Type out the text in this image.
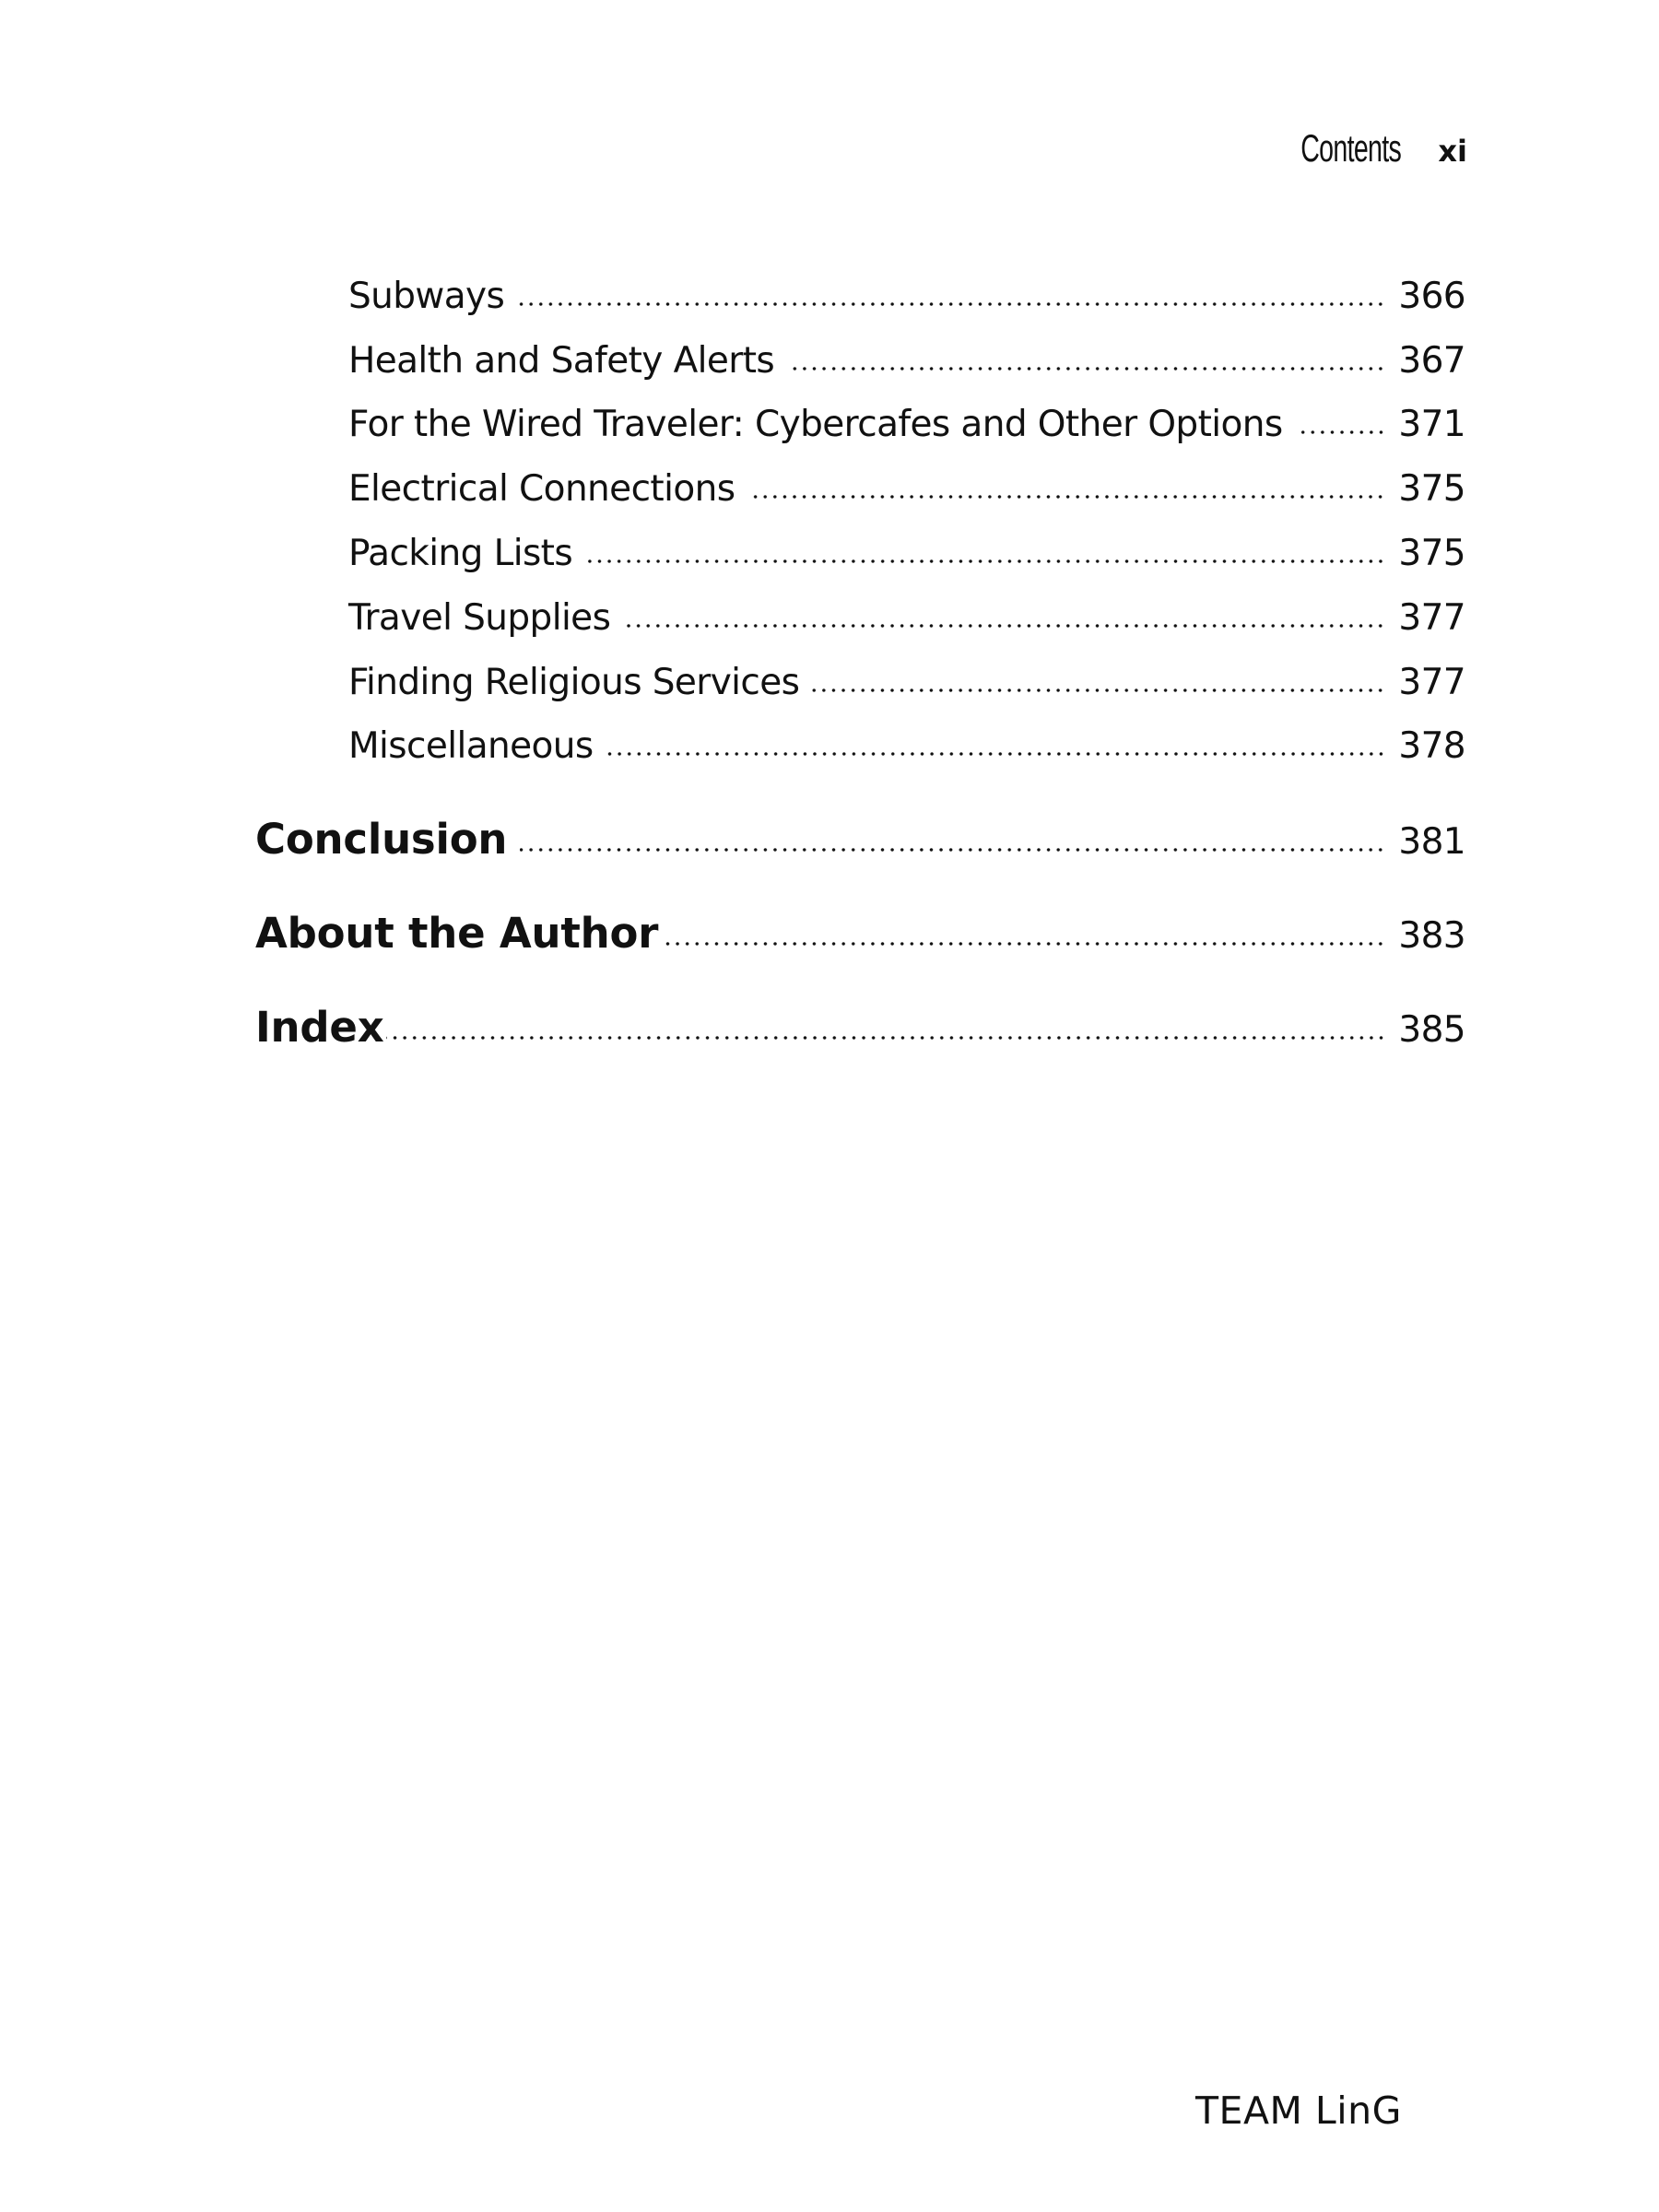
Contents xi
Subways	366
Health and Safety Alerts	367
For the Wired Traveler: Cybercafes and Other Options	371
Electrical Connections	375
Packing Lists	375
Travel Supplies	377
Finding Religious Services	377
Miscellaneous	378
Conclusion	381
About the Author	383
Index	385
TEAM LinG
